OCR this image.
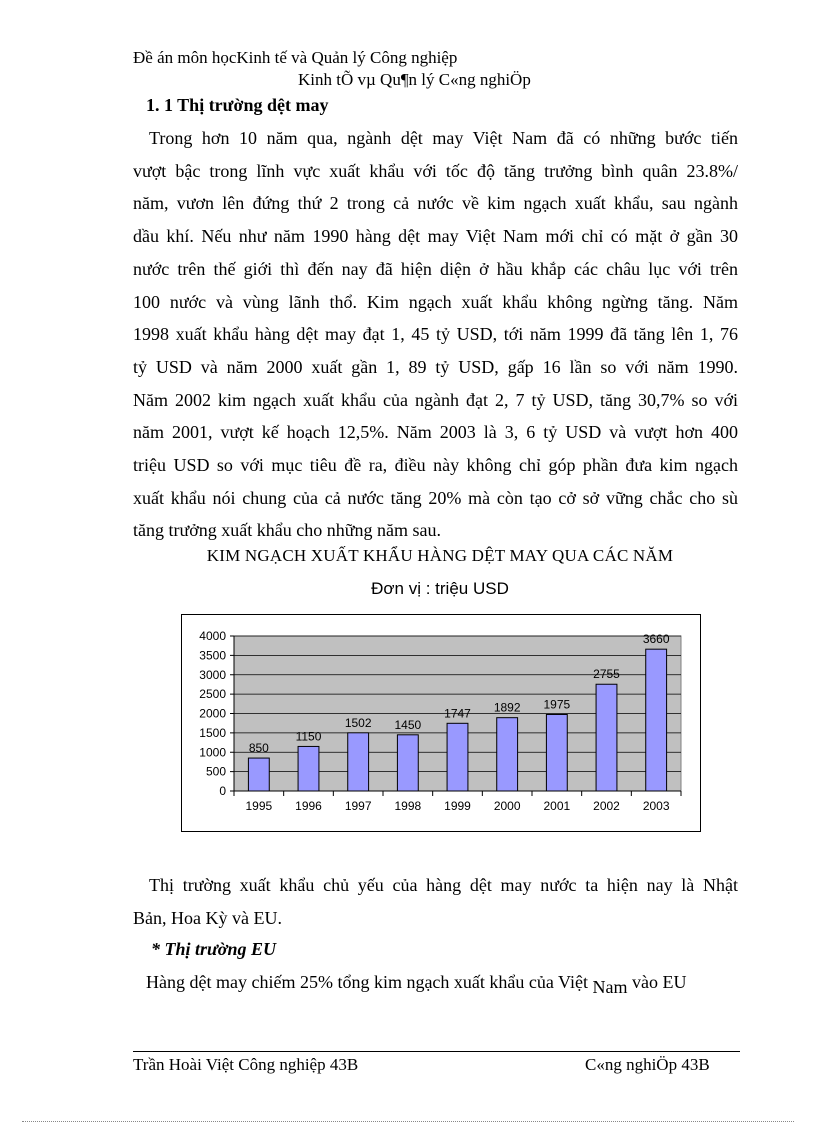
Đề án môn họcKinh tế và Quản lý Công nghiệp
Kinh tÕ vµ Qu¶n lý C«ng nghiÖp
1. 1 Thị trường dệt may
Trong hơn 10 năm qua, ngành dệt may Việt Nam đã có những bước tiến
vượt bậc trong lĩnh vực xuất khẩu với tốc độ tăng trưởng bình quân 23.8%/
năm, vươn lên đứng thứ 2 trong cả nước về kim ngạch xuất khẩu, sau ngành
dầu khí. Nếu như năm 1990 hàng dệt may Việt Nam mới chỉ có mặt ở gần 30
nước trên thế giới thì đến nay đã hiện diện ở hầu khắp các châu lục với trên
100 nước và vùng lãnh thổ. Kim ngạch xuất khẩu không ngừng tăng. Năm
1998 xuất khẩu hàng dệt may đạt 1, 45 tỷ USD, tới năm 1999 đã tăng lên 1, 76
tỷ USD và năm 2000 xuất gần 1, 89 tỷ USD, gấp 16 lần so với năm 1990.
Năm 2002 kim ngạch xuất khẩu của ngành đạt 2, 7 tỷ USD, tăng 30,7% so với
năm 2001, vượt kế hoạch 12,5%. Năm 2003 là 3, 6 tỷ USD và vượt hơn 400
triệu USD so với mục tiêu đề ra, điều này không chỉ góp phần đưa kim ngạch
xuất khẩu nói chung của cả nước tăng 20% mà còn tạo cở sở vững chắc cho sù
tăng trưởng xuất khẩu cho những năm sau.
KIM NGẠCH XUẤT KHẨU HÀNG DỆT MAY QUA CÁC NĂM
Đơn vị : triệu USD
0
500
1000
1500
2000
2500
3000
3500
4000
850
1995
1150
1996
1502
1997
1450
1998
1747
1999
1892
2000
1975
2001
2755
2002
3660
2003
Thị trường xuất khẩu chủ yếu của hàng dệt may nước ta hiện nay là Nhật
Bản, Hoa Kỳ và EU.
* Thị trường EU
Hàng dệt may chiếm 25% tổng kim ngạch xuất khẩu của Việt Nam vào EU
Trần Hoài Việt Công nghiệp 43B	C«ng nghiÖp 43B
